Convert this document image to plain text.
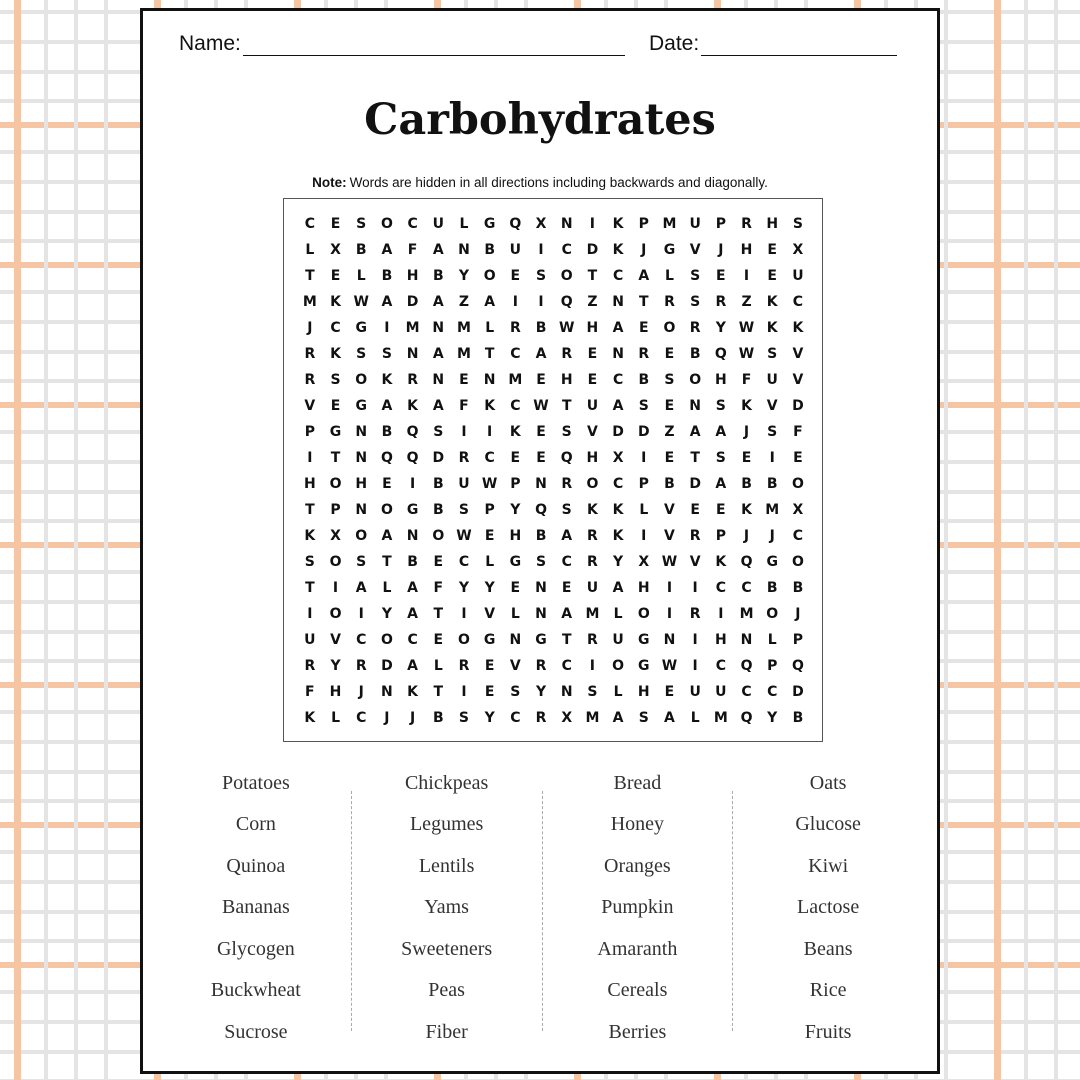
Name:	Date:
Carbohydrates
Note: Words are hidden in all directions including backwards and diagonally.
C	E	S	O	C	U	L	G Q	X	N	I	K	P M U	P	R	H	S
L	X	B	A	F	A	N	B	U	I	C	D	K	J	G	V	J	H	E	X
T	E	L	B	H	B	Y	O	E	S	O	T	C	A	L	S	E	I	E	U
M K W A	D	A	Z	A	I	I	Q	Z	N	T	R	S	R	Z	K	C
J	C	G	I	M N M	L	R	B W H	A	E	O	R	Y W K	K
R	K	S	S	N	A M T	C	A	R	E	N	R	E	B	Q W S	V
R	S	O	K	R	N	E	N M E	H	E	C	B	S	O H	F	U	V
V	E	G	A	K	A	F	K	C W T	U	A	S	E	N	S	K	V	D
P	G	N	B	Q	S	I	I	K	E	S	V	D	D	Z	A	A	J	S	F
I	T	N Q Q D	R	C	E	E	Q H	X	I	E	T	S	E	I	E
H O H	E	I	B	U W P	N	R	O	C	P	B	D	A	B	B	O
T	P	N O G	B	S	P	Y	Q	S	K	K	L	V	E	E	K M X
K	X	O	A	N O W E	H	B	A	R	K	I	V	R	P	J	J	C
S	O	S	T	B	E	C	L	G	S	C	R	Y	X W V	K	Q G O
T	I	A	L	A	F	Y	Y	E	N	E	U	A	H	I	I	C	C	B	B
I	O	I	Y	A	T	I	V	L	N	A M	L	O	I	R	I	M O	J
U	V	C	O	C	E	O G	N	G	T	R	U	G	N	I	H N	L	P
R	Y	R	D	A	L	R	E	V	R	C	I	O G W	I	C	Q	P	Q
F	H	J	N	K	T	I	E	S	Y	N	S	L	H	E	U	U	C	C	D
K	L	C	J	J	B	S	Y	C	R	X M A	S	A	L	M Q	Y	B
Potatoes
Corn
Quinoa
Bananas
Glycogen
Buckwheat
Sucrose
Chickpeas
Legumes
Lentils
Yams
Sweeteners
Peas
Fiber
Bread
Honey
Oranges
Pumpkin
Amaranth
Cereals
Berries
Oats
Glucose
Kiwi
Lactose
Beans
Rice
Fruits
